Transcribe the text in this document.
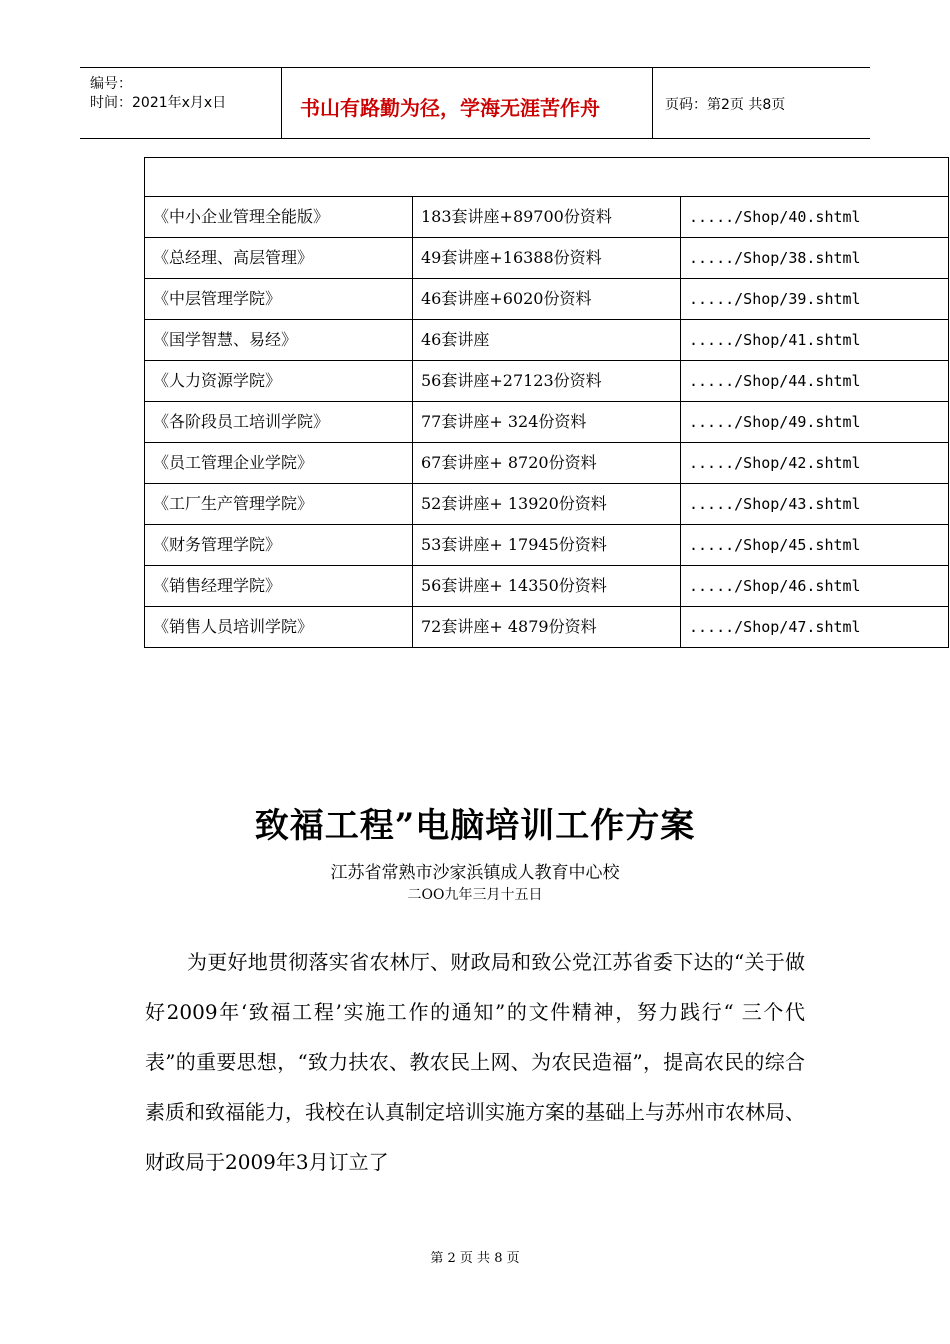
编号：
时间：2021年x月x日	书山有路勤为径，学海无涯苦作舟	页码：第2页 共8页

《中小企业管理全能版》	183套讲座+89700份资料	...../Shop/40.shtml
《总经理、高层管理》	49套讲座+16388份资料	...../Shop/38.shtml
《中层管理学院》	46套讲座+6020份资料	...../Shop/39.shtml
《国学智慧、易经》	46套讲座	...../Shop/41.shtml
《人力资源学院》	56套讲座+27123份资料	...../Shop/44.shtml
《各阶段员工培训学院》	77套讲座+ 324份资料	...../Shop/49.shtml
《员工管理企业学院》	67套讲座+ 8720份资料	...../Shop/42.shtml
《工厂生产管理学院》	52套讲座+ 13920份资料	...../Shop/43.shtml
《财务管理学院》	53套讲座+ 17945份资料	...../Shop/45.shtml
《销售经理学院》	56套讲座+ 14350份资料	...../Shop/46.shtml
《销售人员培训学院》	72套讲座+ 4879份资料	...../Shop/47.shtml
致福工程”电脑培训工作方案
江苏省常熟市沙家浜镇成人教育中心校
二OO九年三月十五日

为更好地贯彻落实省农林厅、财政局和致公党江苏省委下达的“关于做好2009年‘致福工程’实施工作的通知”的文件精神，努力践行“ 三个代表”的重要思想，“致力扶农、教农民上网、为农民造福”，提高农民的综合素质和致福能力，我校在认真制定培训实施方案的基础上与苏州市农林局、财政局于2009年3月订立了

第 2 页 共 8 页
